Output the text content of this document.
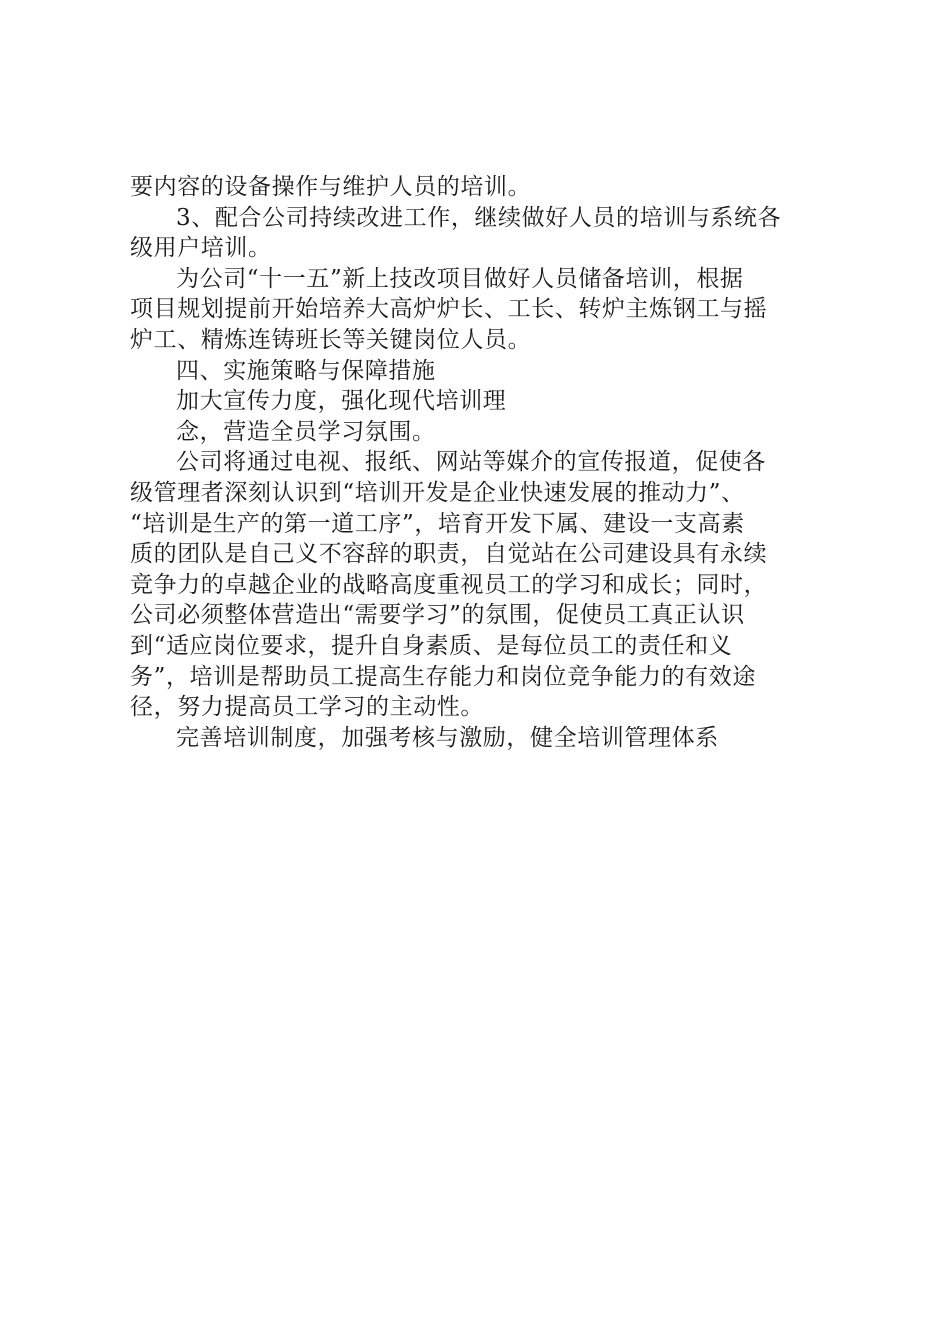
要内容的设备操作与维护人员的培训。
3、配合公司持续改进工作，继续做好人员的培训与系统各
级用户培训。
为公司“十一五”新上技改项目做好人员储备培训，根据
项目规划提前开始培养大高炉炉长、工长、转炉主炼钢工与摇
炉工、精炼连铸班长等关键岗位人员。
四、实施策略与保障措施
加大宣传力度，强化现代培训理
念，营造全员学习氛围。
公司将通过电视、报纸、网站等媒介的宣传报道，促使各
级管理者深刻认识到“培训开发是企业快速发展的推动力”、
“培训是生产的第一道工序”，培育开发下属、建设一支高素
质的团队是自己义不容辞的职责，自觉站在公司建设具有永续
竞争力的卓越企业的战略高度重视员工的学习和成长；同时，
公司必须整体营造出“需要学习”的氛围，促使员工真正认识
到“适应岗位要求，提升自身素质、是每位员工的责任和义
务”，培训是帮助员工提高生存能力和岗位竞争能力的有效途
径，努力提高员工学习的主动性。
完善培训制度，加强考核与激励，健全培训管理体系
